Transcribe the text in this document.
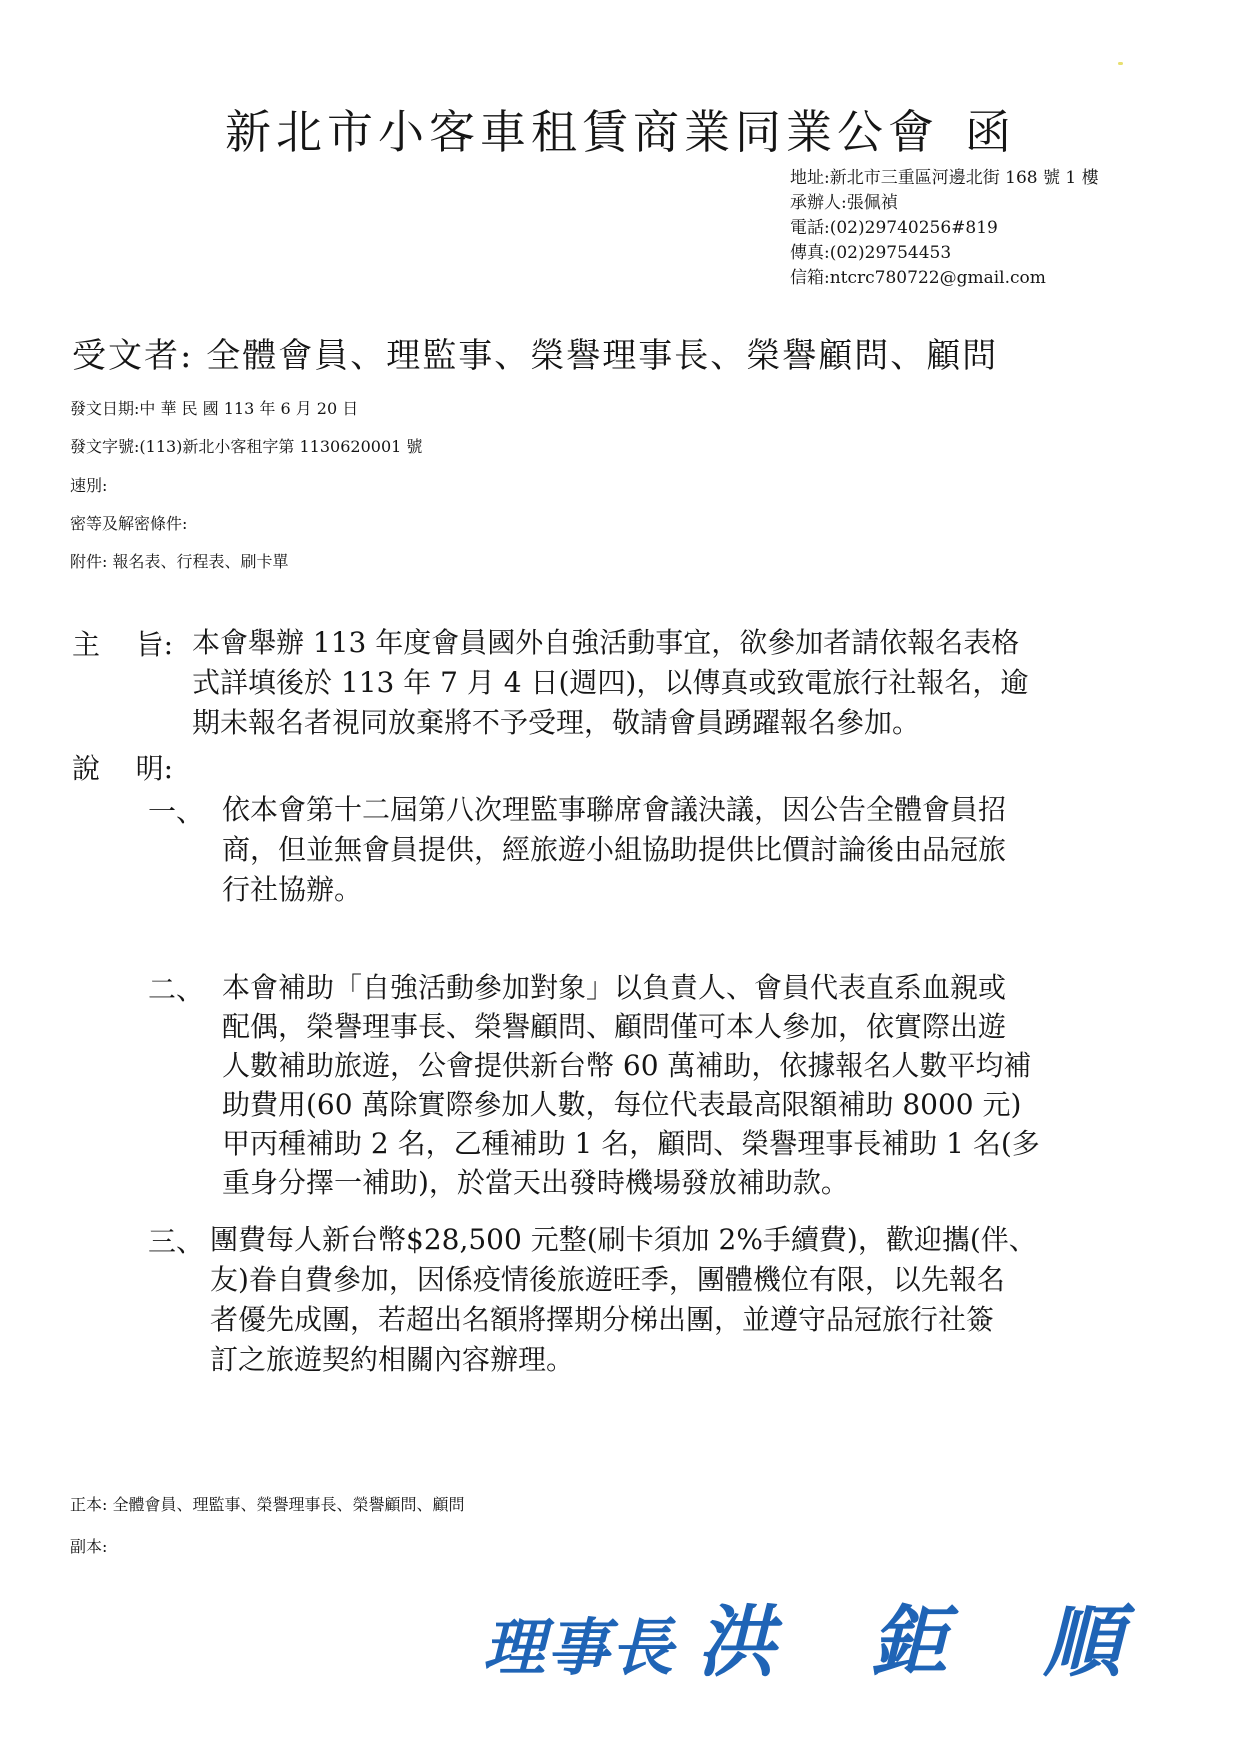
新北市小客車租賃商業同業公會 函
地址:新北市三重區河邊北街 168 號 1 樓
承辦人:張佩禎
電話:(02)29740256#819
傳真:(02)29754453
信箱:ntcrc780722@gmail.com
受文者: 全體會員、理監事、榮譽理事長、榮譽顧問、顧問
發文日期:中 華 民 國 113 年 6 月 20 日
發文字號:(113)新北小客租字第 1130620001 號
速別:
密等及解密條件:
附件: 報名表、行程表、刷卡單
主    旨: 本會舉辦 113 年度會員國外自強活動事宜，欲參加者請依報名表格
式詳填後於 113 年 7 月 4 日(週四)，以傳真或致電旅行社報名，逾
期未報名者視同放棄將不予受理，敬請會員踴躍報名參加。
說    明:
一、 依本會第十二屆第八次理監事聯席會議決議，因公告全體會員招
商，但並無會員提供，經旅遊小組協助提供比價討論後由品冠旅
行社協辦。
二、 本會補助「自強活動參加對象」以負責人、會員代表直系血親或
配偶，榮譽理事長、榮譽顧問、顧問僅可本人參加，依實際出遊
人數補助旅遊，公會提供新台幣 60 萬補助，依據報名人數平均補
助費用(60 萬除實際參加人數，每位代表最高限額補助 8000 元)
甲丙種補助 2 名，乙種補助 1 名，顧問、榮譽理事長補助 1 名(多
重身分擇一補助)，於當天出發時機場發放補助款。
三、 團費每人新台幣$28,500 元整(刷卡須加 2%手續費)，歡迎攜(伴、
友)眷自費參加，因係疫情後旅遊旺季，團體機位有限，以先報名
者優先成團，若超出名額將擇期分梯出團，並遵守品冠旅行社簽
訂之旅遊契約相關內容辦理。
正本: 全體會員、理監事、榮譽理事長、榮譽顧問、顧問
副本:
理事長 洪 鉅 順
